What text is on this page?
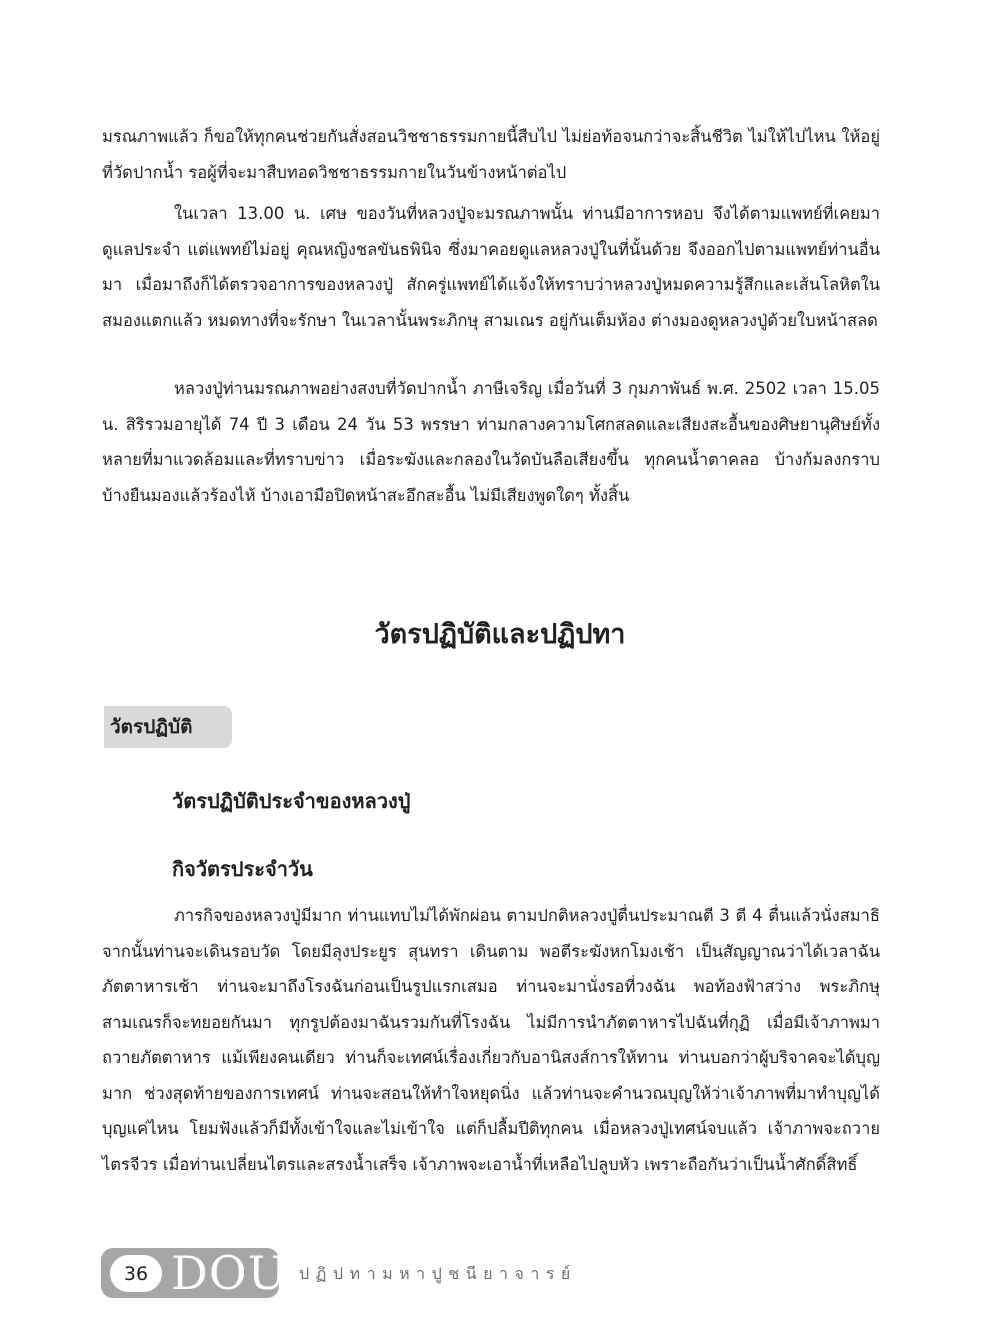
มรณภาพแล้ว ก็ขอให้ทุกคนช่วยกันสั่งสอนวิชชาธรรมกายนี้สืบไป ไม่ย่อท้อจนกว่าจะสิ้นชีวิต ไม่ให้ไปไหน ให้อยู่ที่วัดปากน้ำ รอผู้ที่จะมาสืบทอดวิชชาธรรมกายในวันข้างหน้าต่อไป

ในเวลา 13.00 น. เศษ ของวันที่หลวงปู่จะมรณภาพนั้น ท่านมีอาการหอบ จึงได้ตามแพทย์ที่เคยมาดูแลประจำ แต่แพทย์ไม่อยู่ คุณหญิงชลขันธพินิจ ซึ่งมาคอยดูแลหลวงปู่ในที่นั้นด้วย จึงออกไปตามแพทย์ท่านอื่นมา เมื่อมาถึงก็ได้ตรวจอาการของหลวงปู่ สักครู่แพทย์ได้แจ้งให้ทราบว่าหลวงปู่หมดความรู้สึกและเส้นโลหิตในสมองแตกแล้ว หมดทางที่จะรักษา ในเวลานั้นพระภิกษุ สามเณร อยู่กันเต็มห้อง ต่างมองดูหลวงปู่ด้วยใบหน้าสลด

หลวงปู่ท่านมรณภาพอย่างสงบที่วัดปากน้ำ ภาษีเจริญ เมื่อวันที่ 3 กุมภาพันธ์ พ.ศ. 2502 เวลา 15.05 น. สิริรวมอายุได้ 74 ปี 3 เดือน 24 วัน 53 พรรษา ท่ามกลางความโศกสลดและเสียงสะอื้นของศิษยานุศิษย์ทั้งหลายที่มาแวดล้อมและที่ทราบข่าว เมื่อระฆังและกลองในวัดบันลือเสียงขึ้น ทุกคนน้ำตาคลอ บ้างก้มลงกราบ บ้างยืนมองแล้วร้องไห้ บ้างเอามือปิดหน้าสะอึกสะอื้น ไม่มีเสียงพูดใดๆ ทั้งสิ้น

วัตรปฏิบัติและปฏิปทา
วัตรปฏิบัติ
วัตรปฏิบัติประจำของหลวงปู่
กิจวัตรประจำวัน

ภารกิจของหลวงปู่มีมาก ท่านแทบไม่ได้พักผ่อน ตามปกติหลวงปู่ตื่นประมาณตี 3 ตี 4 ตื่นแล้วนั่งสมาธิ จากนั้นท่านจะเดินรอบวัด โดยมีลุงประยูร สุนทรา เดินตาม พอตีระฆังหกโมงเช้า เป็นสัญญาณว่าได้เวลาฉันภัตตาหารเช้า ท่านจะมาถึงโรงฉันก่อนเป็นรูปแรกเสมอ ท่านจะมานั่งรอที่วงฉัน พอท้องฟ้าสว่าง พระภิกษุ สามเณรก็จะทยอยกันมา ทุกรูปต้องมาฉันรวมกันที่โรงฉัน ไม่มีการนำภัตตาหารไปฉันที่กุฏิ เมื่อมีเจ้าภาพมาถวายภัตตาหาร แม้เพียงคนเดียว ท่านก็จะเทศน์เรื่องเกี่ยวกับอานิสงส์การให้ทาน ท่านบอกว่าผู้บริจาคจะได้บุญมาก ช่วงสุดท้ายของการเทศน์ ท่านจะสอนให้ทำใจหยุดนิ่ง แล้วท่านจะคำนวณบุญให้ว่าเจ้าภาพที่มาทำบุญได้บุญแค่ไหน โยมฟังแล้วก็มีทั้งเข้าใจและไม่เข้าใจ แต่ก็ปลื้มปีติทุกคน เมื่อหลวงปู่เทศน์จบแล้ว เจ้าภาพจะถวายไตรจีวร เมื่อท่านเปลี่ยนไตรและสรงน้ำเสร็จ เจ้าภาพจะเอาน้ำที่เหลือไปลูบหัว เพราะถือกันว่าเป็นน้ำศักดิ์สิทธิ์

36 DOU ปฏิปทามหาปูชนียาจารย์
